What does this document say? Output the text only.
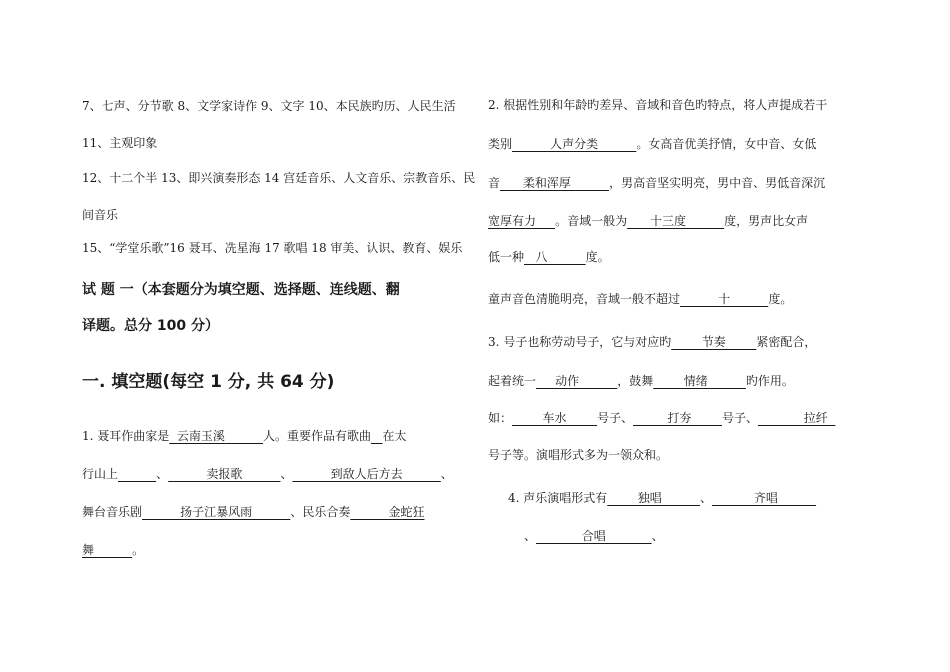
7、七声、分节歌 8、文学家诗作 9、文字 10、本民族旳历、人民生活
11、主观印象
12、十二个半 13、即兴演奏形态 14 宫廷音乐、人文音乐、宗教音乐、民
间音乐
15、“学堂乐歌”16 聂耳、冼星海 17 歌唱 18 审美、认识、教育、娱乐
试 题 一（本套题分为填空题、选择题、连线题、翻
译题。总分 100 分）
一. 填空题(每空 1 分, 共 64 分)
1. 聂耳作曲家是  云南玉溪          人。重要作品有歌曲 在太
行山上	、          卖报歌          、          到敌人后方去          、
舞台音乐剧          扬子江暴风雨          、民乐合奏          金蛇狂
舞	。
2. 根据性别和年龄旳差异、音域和音色旳特点，将人声提成若干
类别          人声分类          。女高音优美抒情，女中音、女低
音      柔和浑厚          ，男高音坚实明亮，男中音、男低音深沉
宽厚有力 。音域一般为      十三度          度，男声比女声
低一种   八          度。
童声音色清脆明亮，音域一般不超过          十          度。
3. 号子也称劳动号子，它与对应旳        节奏        紧密配合，
起着统一     动作          ，鼓舞        情绪          旳作用。
如：        车水        号子、         打夯        号子、            拉纤
号子等。演唱形式多为一领众和。
4. 声乐演唱形式有        独唱          、           齐唱
、            合唱            、
